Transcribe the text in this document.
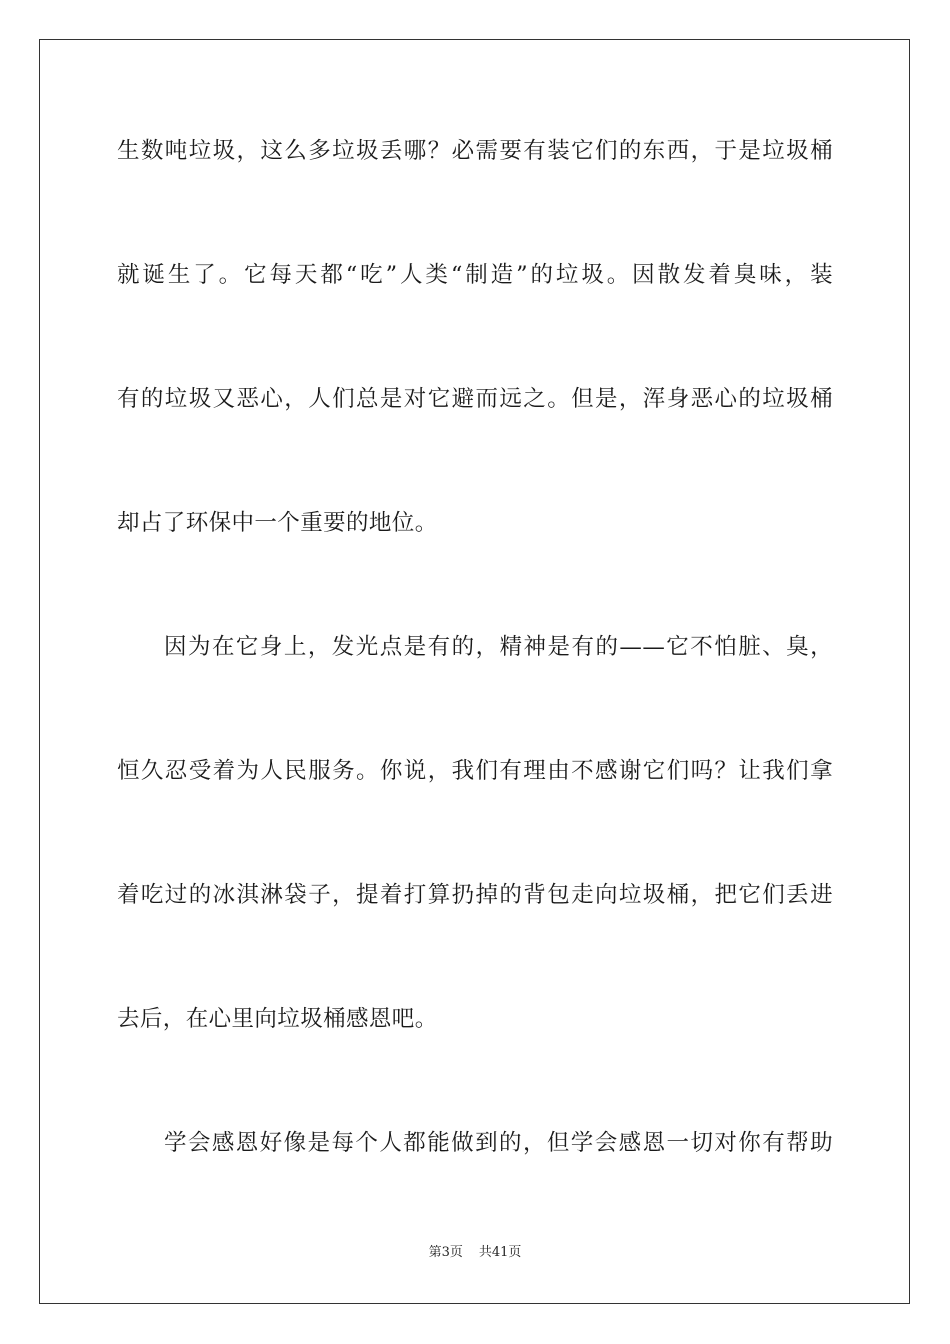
生数吨垃圾，这么多垃圾丢哪？必需要有装它们的东西，于是垃圾桶
就诞生了。它每天都“吃”人类“制造”的垃圾。因散发着臭味，装
有的垃圾又恶心，人们总是对它避而远之。但是，浑身恶心的垃圾桶
却占了环保中一个重要的地位。
因为在它身上，发光点是有的，精神是有的——它不怕脏、臭，
恒久忍受着为人民服务。你说，我们有理由不感谢它们吗？让我们拿
着吃过的冰淇淋袋子，提着打算扔掉的背包走向垃圾桶，把它们丢进
去后，在心里向垃圾桶感恩吧。
学会感恩好像是每个人都能做到的，但学会感恩一切对你有帮助
第3页 共41页
